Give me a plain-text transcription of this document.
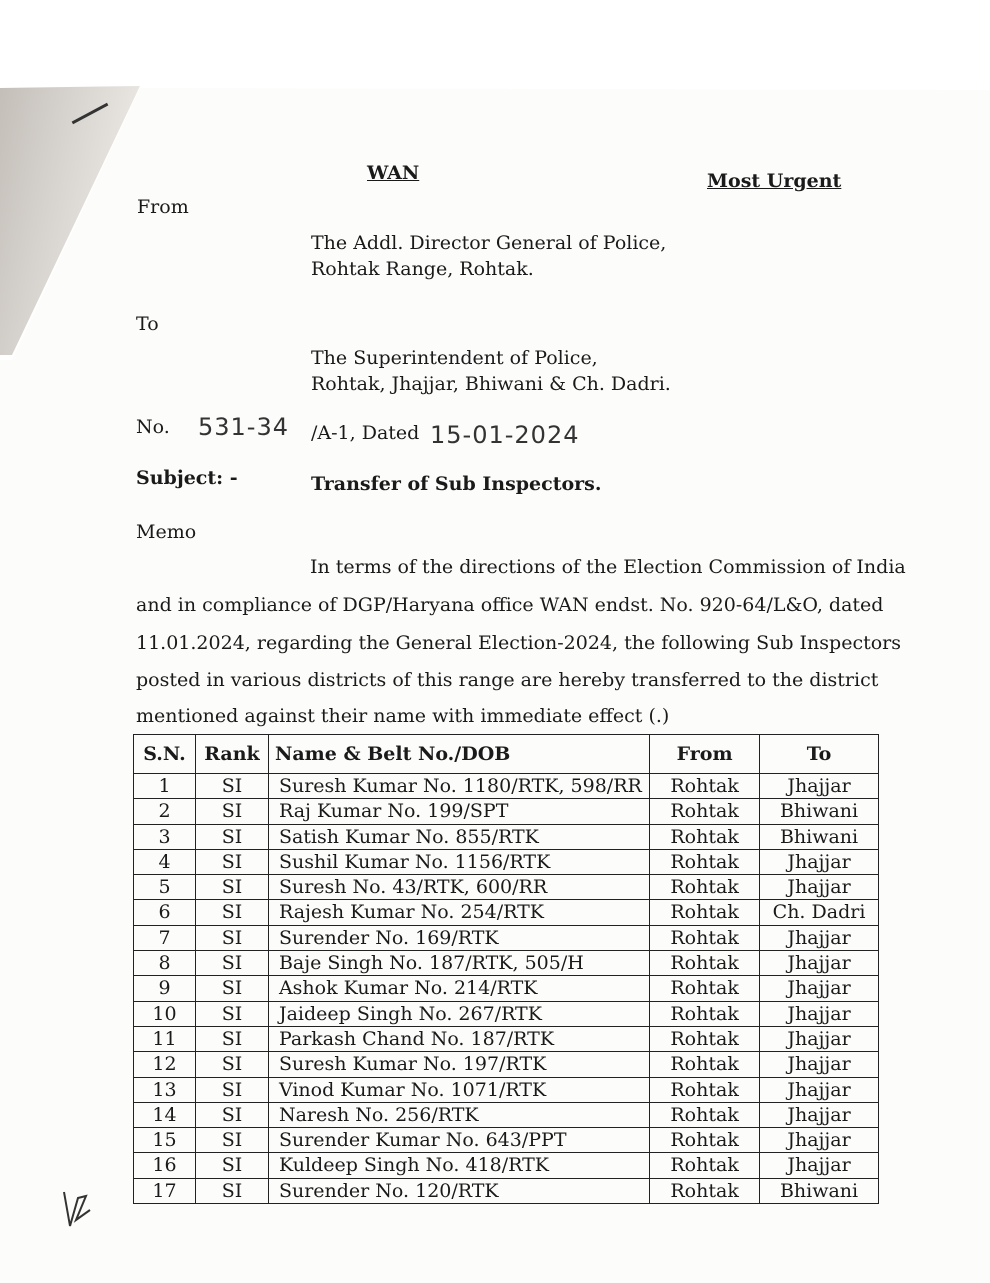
WAN	Most Urgent
From
The Addl. Director General of Police,
Rohtak Range, Rohtak.
To
The Superintendent of Police,
Rohtak, Jhajjar, Bhiwani & Ch. Dadri.
No. 531-34 /A-1, Dated 15-01-2024
Subject: -	Transfer of Sub Inspectors.
Memo
In terms of the directions of the Election Commission of India
and in compliance of DGP/Haryana office WAN endst. No. 920-64/L&O, dated
11.01.2024, regarding the General Election-2024, the following Sub Inspectors
posted in various districts of this range are hereby transferred to the district
mentioned against their name with immediate effect (.)
S.N.	Rank	Name & Belt No./DOB	From	To
1	SI	Suresh Kumar No. 1180/RTK, 598/RR	Rohtak	Jhajjar
2	SI	Raj Kumar No. 199/SPT	Rohtak	Bhiwani
3	SI	Satish Kumar No. 855/RTK	Rohtak	Bhiwani
4	SI	Sushil Kumar No. 1156/RTK	Rohtak	Jhajjar
5	SI	Suresh No. 43/RTK, 600/RR	Rohtak	Jhajjar
6	SI	Rajesh Kumar No. 254/RTK	Rohtak	Ch. Dadri
7	SI	Surender No. 169/RTK	Rohtak	Jhajjar
8	SI	Baje Singh No. 187/RTK, 505/H	Rohtak	Jhajjar
9	SI	Ashok Kumar No. 214/RTK	Rohtak	Jhajjar
10	SI	Jaideep Singh No. 267/RTK	Rohtak	Jhajjar
11	SI	Parkash Chand No. 187/RTK	Rohtak	Jhajjar
12	SI	Suresh Kumar No. 197/RTK	Rohtak	Jhajjar
13	SI	Vinod Kumar No. 1071/RTK	Rohtak	Jhajjar
14	SI	Naresh No. 256/RTK	Rohtak	Jhajjar
15	SI	Surender Kumar No. 643/PPT	Rohtak	Jhajjar
16	SI	Kuldeep Singh No. 418/RTK	Rohtak	Jhajjar
17	SI	Surender No. 120/RTK	Rohtak	Bhiwani
